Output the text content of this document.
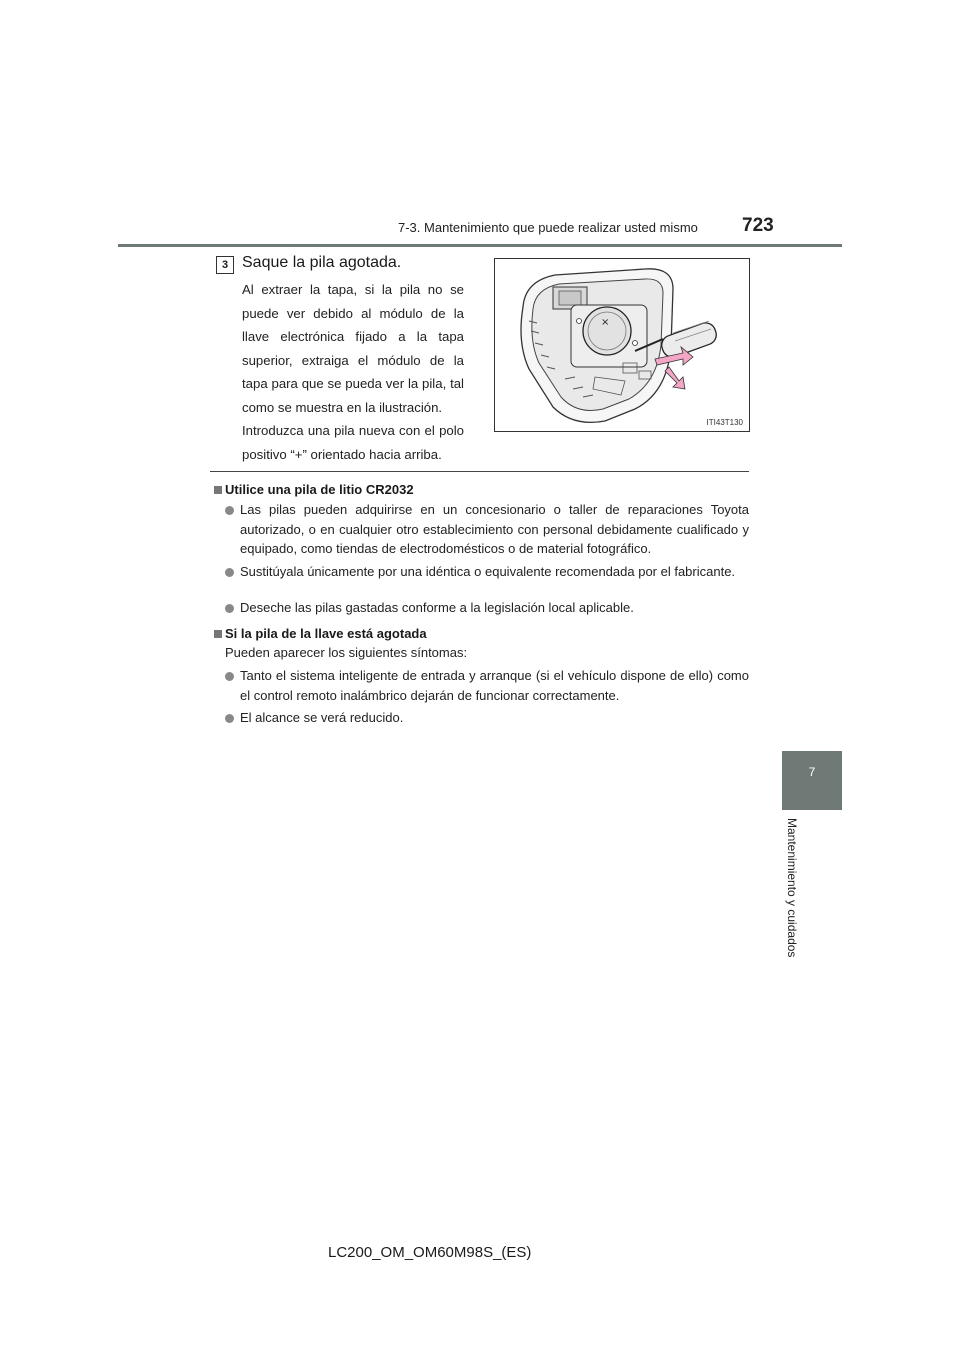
7-3. Mantenimiento que puede realizar usted mismo 723
7
Mantenimiento y cuidados
3 Saque la pila agotada.
Al extraer la tapa, si la pila no se puede ver debido al módulo de la llave electrónica fijado a la tapa superior, extraiga el módulo de la tapa para que se pueda ver la pila, tal como se muestra en la ilustración.
Introduzca una pila nueva con el polo positivo “+” orientado hacia arriba.
×
ITI43T130
Utilice una pila de litio CR2032
Las pilas pueden adquirirse en un concesionario o taller de reparaciones Toyota autorizado, o en cualquier otro establecimiento con personal debidamente cualificado y equipado, como tiendas de electrodomésticos o de material fotográfico.
Sustitúyala únicamente por una idéntica o equivalente recomendada por el fabricante.
Deseche las pilas gastadas conforme a la legislación local aplicable.
Si la pila de la llave está agotada
Pueden aparecer los siguientes síntomas:
Tanto el sistema inteligente de entrada y arranque (si el vehículo dispone de ello) como el control remoto inalámbrico dejarán de funcionar correctamente.
El alcance se verá reducido.
LC200_OM_OM60M98S_(ES)
